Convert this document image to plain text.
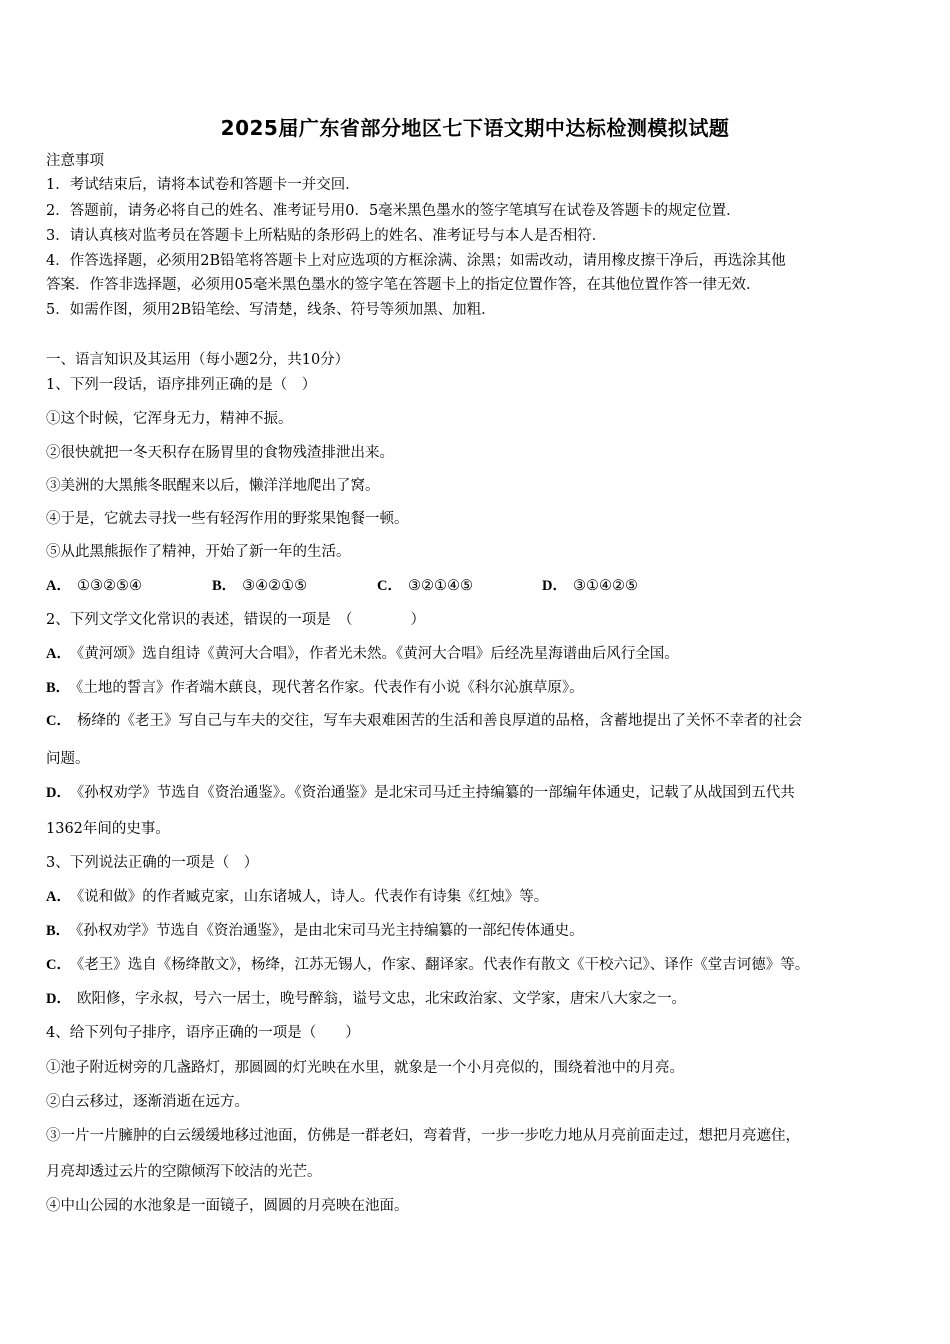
2025届广东省部分地区七下语文期中达标检测模拟试题
注意事项
1．考试结束后，请将本试卷和答题卡一并交回．
2．答题前，请务必将自己的姓名、准考证号用0．5毫米黑色墨水的签字笔填写在试卷及答题卡的规定位置．
3．请认真核对监考员在答题卡上所粘贴的条形码上的姓名、准考证号与本人是否相符．
4．作答选择题，必须用2B铅笔将答题卡上对应选项的方框涂满、涂黑；如需改动，请用橡皮擦干净后，再选涂其他
答案．作答非选择题，必须用05毫米黑色墨水的签字笔在答题卡上的指定位置作答，在其他位置作答一律无效．
5．如需作图，须用2B铅笔绘、写清楚，线条、符号等须加黑、加粗．
一、语言知识及其运用（每小题2分，共10分）
1、下列一段话，语序排列正确的是（　）
①这个时候，它浑身无力，精神不振。
②很快就把一冬天积存在肠胃里的食物残渣排泄出来。
③美洲的大黑熊冬眠醒来以后，懒洋洋地爬出了窝。
④于是，它就去寻找一些有轻泻作用的野浆果饱餐一顿。
⑤从此黑熊振作了精神，开始了新一年的生活。
A． ①③②⑤④	B． ③④②①⑤	C． ③②①④⑤	D． ③①④②⑤
2、下列文学文化常识的表述，错误的一项是　（　　　　）
A． 《黄河颂》选自组诗《黄河大合唱》，作者光未然。《黄河大合唱》后经冼星海谱曲后风行全国。
B． 《土地的誓言》作者端木蕻良，现代著名作家。代表作有小说《科尔沁旗草原》。
C． 杨绛的《老王》写自己与车夫的交往，写车夫艰难困苦的生活和善良厚道的品格，含蓄地提出了关怀不幸者的社会
问题。
D． 《孙权劝学》节选自《资治通鉴》。《资治通鉴》是北宋司马迁主持编纂的一部编年体通史，记载了从战国到五代共
1362年间的史事。
3、下列说法正确的一项是（　）
A． 《说和做》的作者臧克家，山东诸城人，诗人。代表作有诗集《红烛》等。
B． 《孙权劝学》节选自《资治通鉴》，是由北宋司马光主持编纂的一部纪传体通史。
C． 《老王》选自《杨绛散文》，杨绛，江苏无锡人，作家、翻译家。代表作有散文《干校六记》、译作《堂吉诃德》等。
D． 欧阳修，字永叔，号六一居士，晚号醉翁，谥号文忠，北宋政治家、文学家，唐宋八大家之一。
4、给下列句子排序，语序正确的一项是（　　）
①池子附近树旁的几盏路灯，那圆圆的灯光映在水里，就象是一个小月亮似的，围绕着池中的月亮。
②白云移过，逐渐消逝在远方。
③一片一片臃肿的白云缓缓地移过池面，仿佛是一群老妇，弯着背，一步一步吃力地从月亮前面走过，想把月亮遮住，
月亮却透过云片的空隙倾泻下皎洁的光芒。
④中山公园的水池象是一面镜子，圆圆的月亮映在池面。
